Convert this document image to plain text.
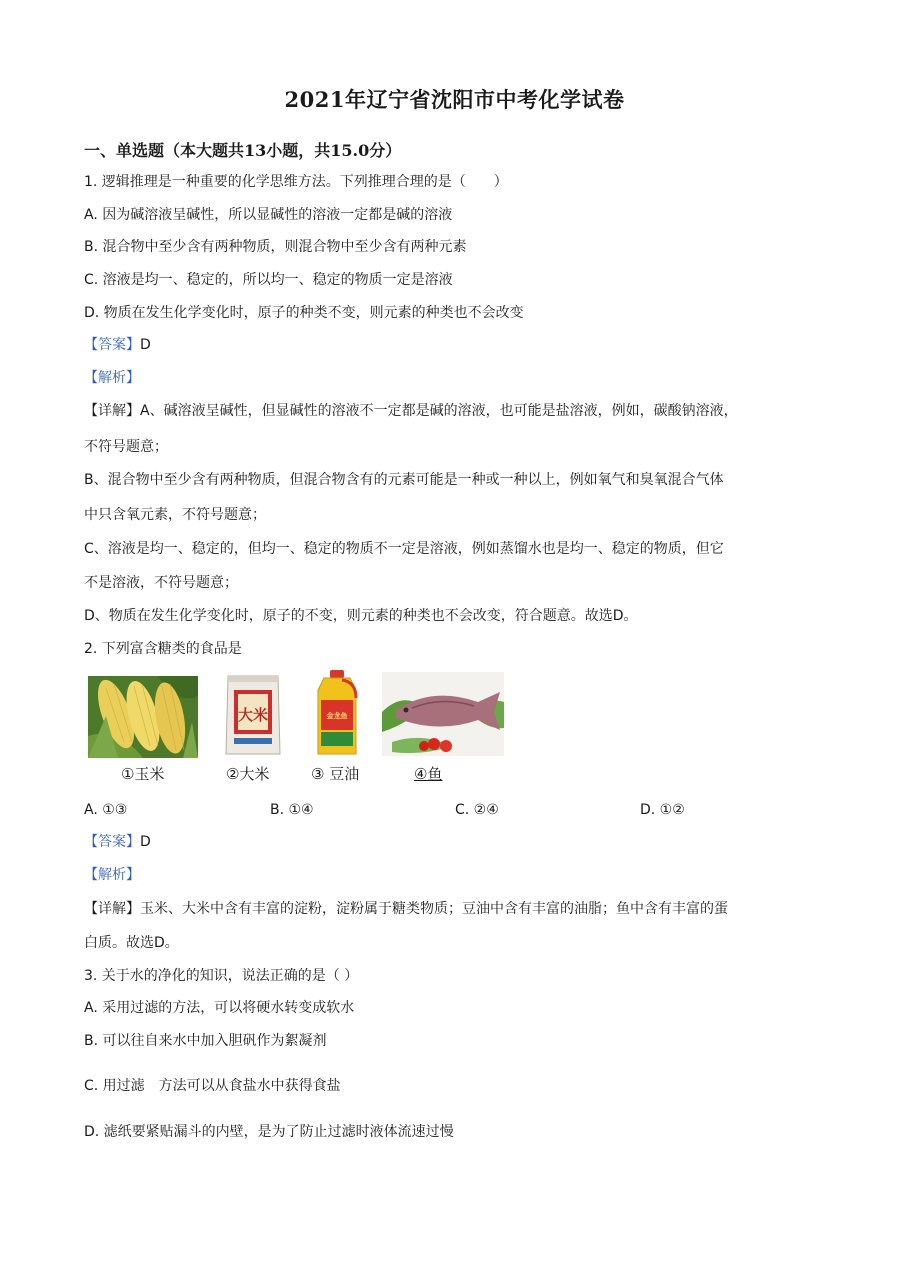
2021年辽宁省沈阳市中考化学试卷
一、单选题（本大题共13小题，共15.0分）
1. 逻辑推理是一种重要的化学思维方法。下列推理合理的是（　　）
A. 因为碱溶液呈碱性，所以显碱性的溶液一定都是碱的溶液
B. 混合物中至少含有两种物质，则混合物中至少含有两种元素
C. 溶液是均一、稳定的，所以均一、稳定的物质一定是溶液
D. 物质在发生化学变化时，原子的种类不变，则元素的种类也不会改变
【答案】D
【解析】
【详解】A、碱溶液呈碱性，但显碱性的溶液不一定都是碱的溶液，也可能是盐溶液，例如，碳酸钠溶液，
不符号题意；
B、混合物中至少含有两种物质，但混合物含有的元素可能是一种或一种以上，例如氧气和臭氧混合气体
中只含氧元素，不符号题意；
C、溶液是均一、稳定的，但均一、稳定的物质不一定是溶液，例如蒸馏水也是均一、稳定的物质，但它
不是溶液，不符号题意；
D、物质在发生化学变化时，原子的不变，则元素的种类也不会改变，符合题意。故选D。
2. 下列富含糖类的食品是
大米	金龙鱼
①玉米	②大米	③ 豆油	④鱼
A. ①③	B. ①④	C. ②④	D. ①②
【答案】D
【解析】
【详解】玉米、大米中含有丰富的淀粉，淀粉属于糖类物质；豆油中含有丰富的油脂；鱼中含有丰富的蛋
白质。故选D。
3. 关于水的净化的知识，说法正确的是（ ）
A. 采用过滤的方法，可以将硬水转变成软水
B. 可以往自来水中加入胆矾作为絮凝剂
C. 用过滤　方法可以从食盐水中获得食盐
D. 滤纸要紧贴漏斗的内壁，是为了防止过滤时液体流速过慢
